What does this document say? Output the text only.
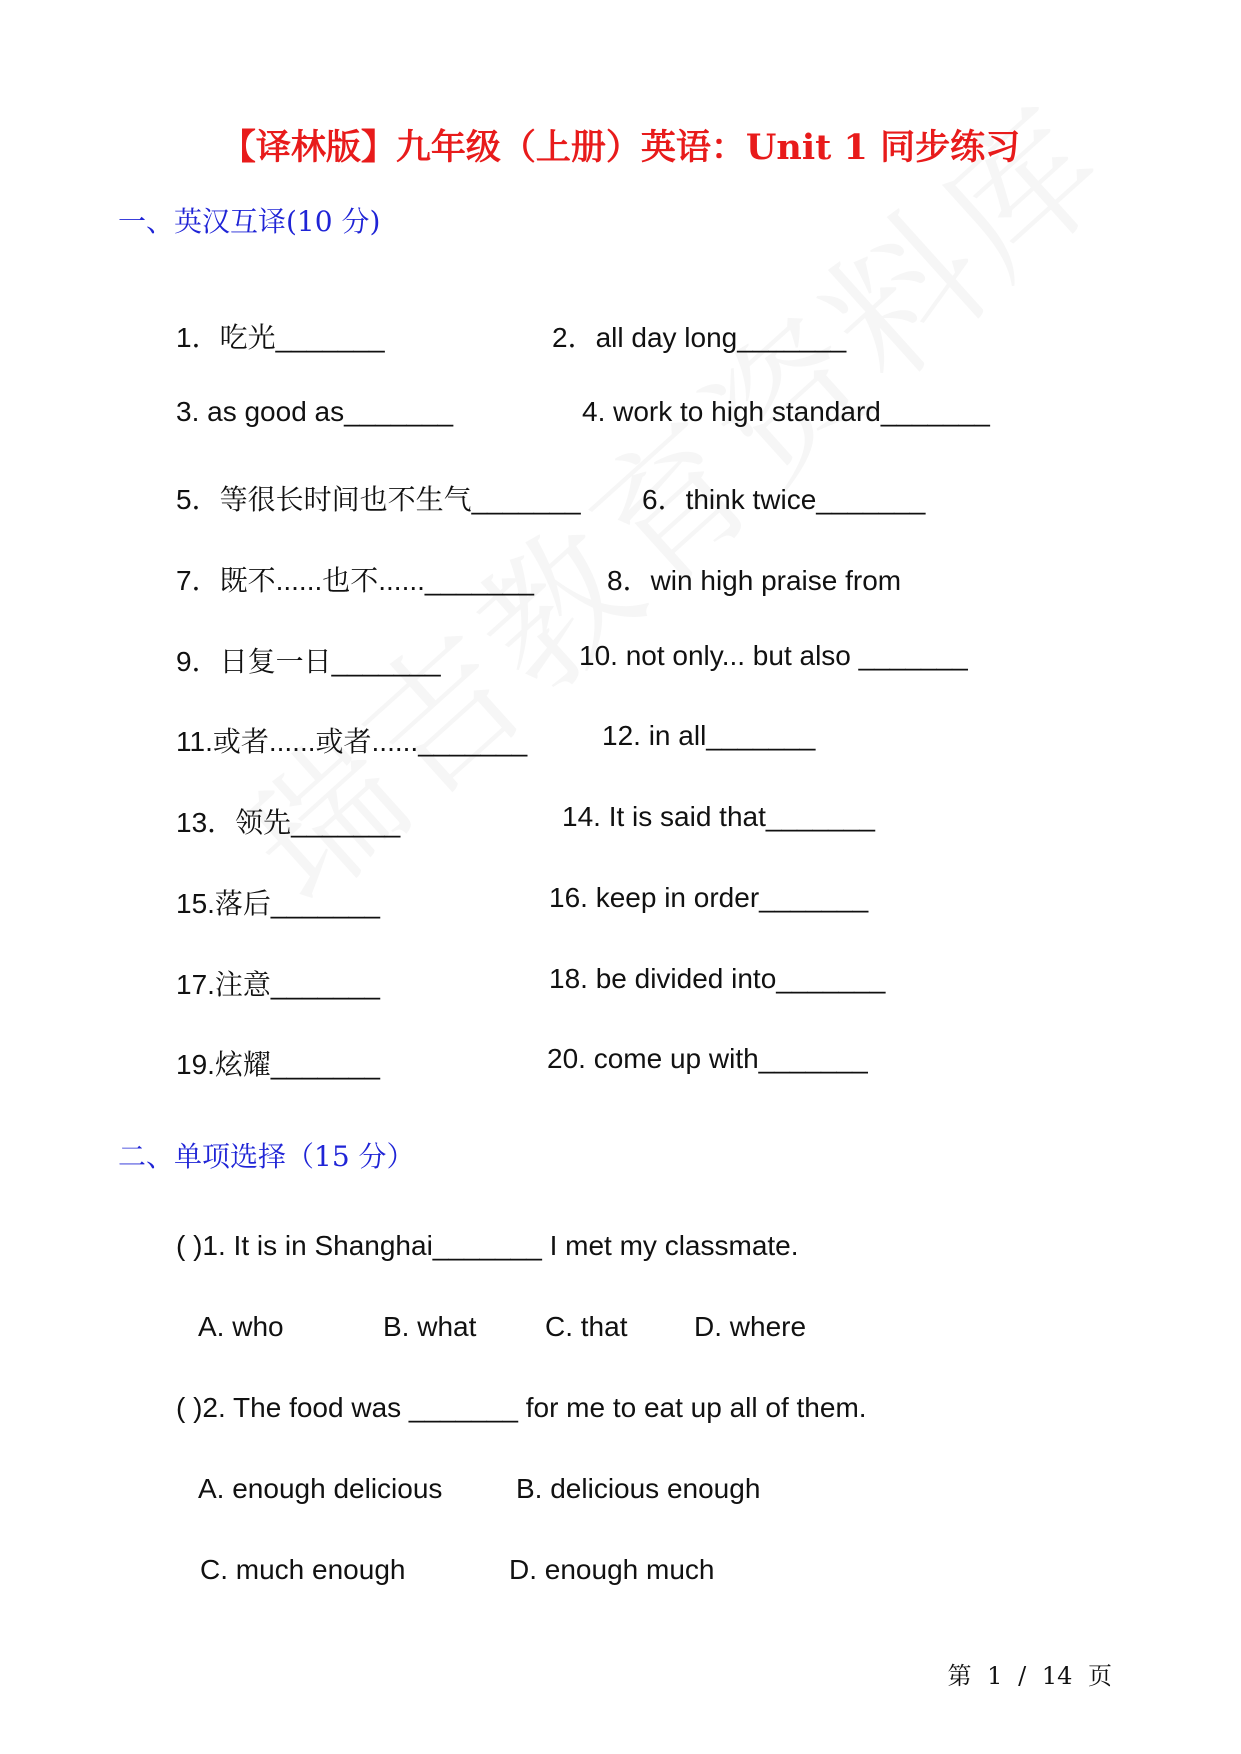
【译林版】九年级（上册）英语：Unit 1 同步练习
一、英汉互译(10 分)
1．吃光_______	2．all day long_______
3. as good as_______	4. work to high standard_______
5．等很长时间也不生气_______ 6．think twice_______
7．既不......也不......_______	8．win high praise from
9．日复一日_______	10. not only... but also _______
11.或者......或者......_______	12. in all_______
13．领先_______	14. It is said that_______
15.落后_______	16. keep in order_______
17.注意_______	18. be divided into_______
19.炫耀_______	20. come up with_______
二、单项选择（15 分）
( )1. It is in Shanghai_______ I met my classmate.
A. who	B. what C. that D. where
( )2. The food was _______ for me to eat up all of them.
A. enough delicious	B. delicious enough
C. much enough	D. enough much
第 1 / 14 页
